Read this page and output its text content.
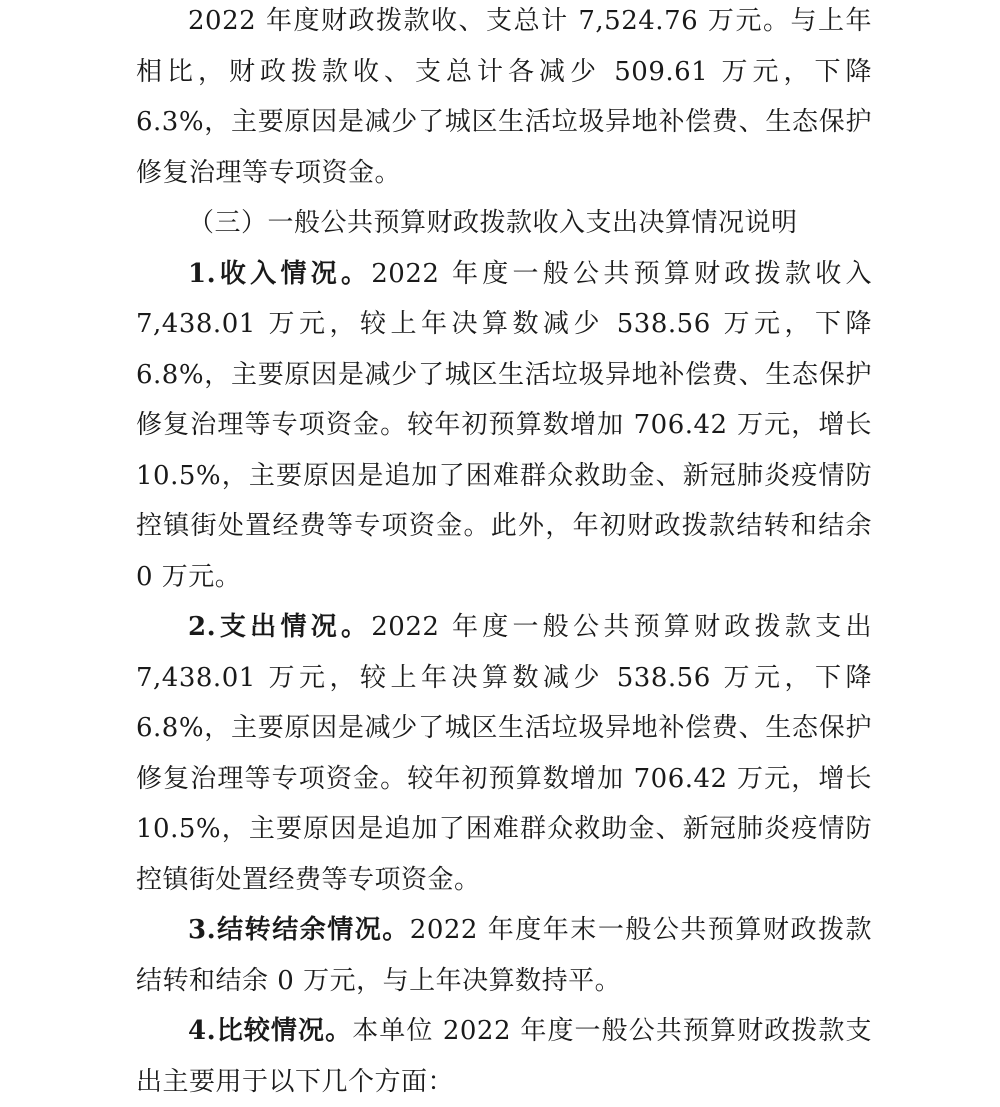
2022 年度财政拨款收、支总计 7,524.76 万元。与上年相比，财政拨款收、支总计各减少 509.61 万元，下降 6.3%，主要原因是减少了城区生活垃圾异地补偿费、生态保护修复治理等专项资金。

（三）一般公共预算财政拨款收入支出决算情况说明

1.收入情况。2022 年度一般公共预算财政拨款收入 7,438.01 万元，较上年决算数减少 538.56 万元，下降 6.8%，主要原因是减少了城区生活垃圾异地补偿费、生态保护修复治理等专项资金。较年初预算数增加 706.42 万元，增长 10.5%，主要原因是追加了困难群众救助金、新冠肺炎疫情防控镇街处置经费等专项资金。此外，年初财政拨款结转和结余 0 万元。

2.支出情况。2022 年度一般公共预算财政拨款支出 7,438.01 万元，较上年决算数减少 538.56 万元，下降 6.8%，主要原因是减少了城区生活垃圾异地补偿费、生态保护修复治理等专项资金。较年初预算数增加 706.42 万元，增长 10.5%，主要原因是追加了困难群众救助金、新冠肺炎疫情防控镇街处置经费等专项资金。

3.结转结余情况。2022 年度年末一般公共预算财政拨款结转和结余 0 万元，与上年决算数持平。

4.比较情况。本单位 2022 年度一般公共预算财政拨款支出主要用于以下几个方面：
